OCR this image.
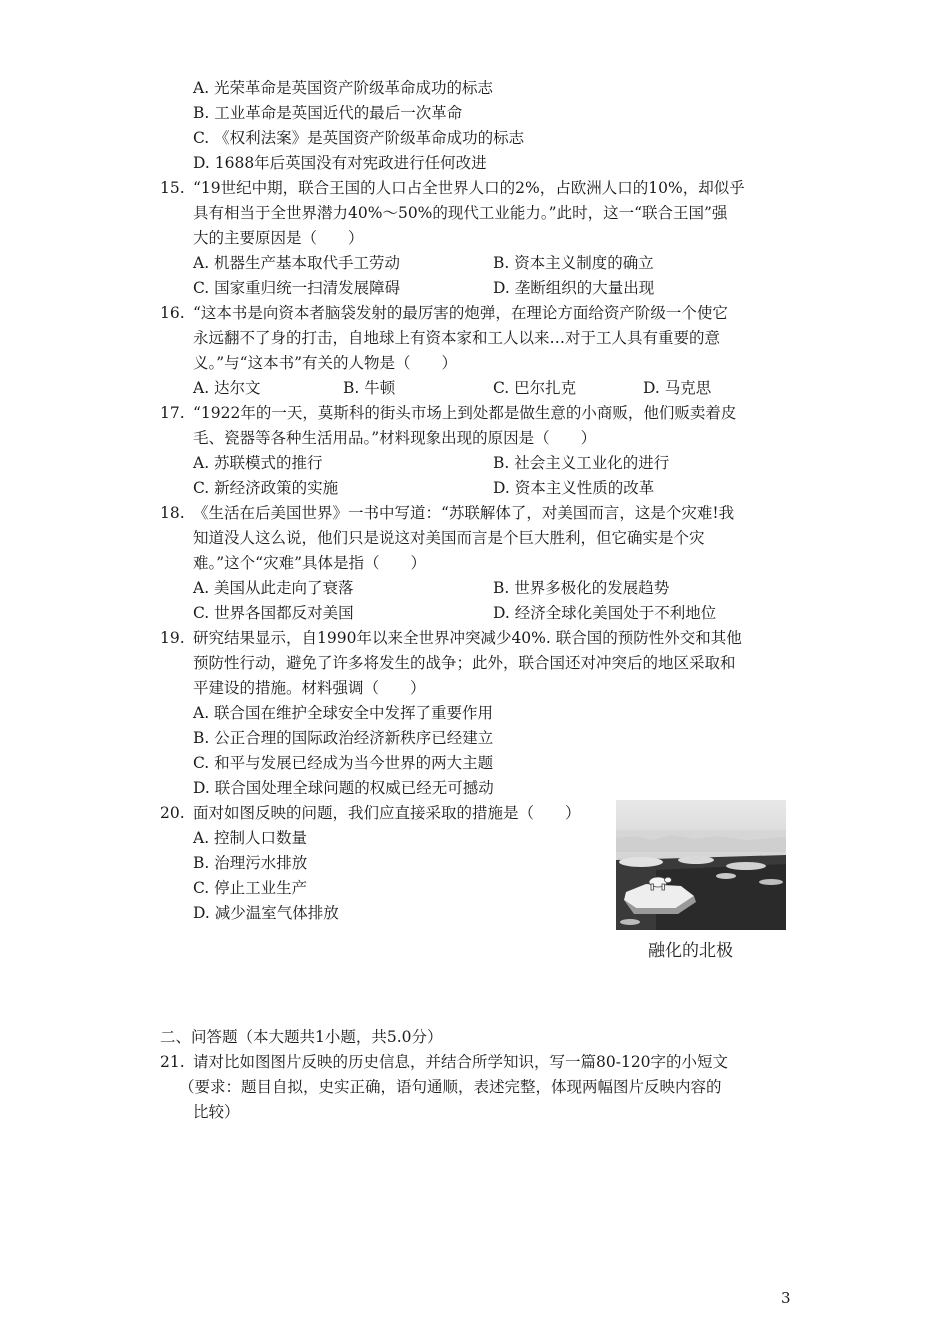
A. 光荣革命是英国资产阶级革命成功的标志
B. 工业革命是英国近代的最后一次革命
C. 《权利法案》是英国资产阶级革命成功的标志
D. 1688年后英国没有对宪政进行任何改进
15. “19世纪中期，联合王国的人口占全世界人口的2%，占欧洲人口的10%，却似乎
具有相当于全世界潜力40%～50%的现代工业能力。”此时，这一“联合王国”强
大的主要原因是（　　）
A. 机器生产基本取代手工劳动	B. 资本主义制度的确立
C. 国家重归统一扫清发展障碍	D. 垄断组织的大量出现
16. “这本书是向资本者脑袋发射的最厉害的炮弹，在理论方面给资产阶级一个使它
永远翻不了身的打击，自地球上有资本家和工人以来…对于工人具有重要的意
义。”与“这本书”有关的人物是（　　）
A. 达尔文	B. 牛顿	C. 巴尔扎克	D. 马克思
17. “1922年的一天，莫斯科的街头市场上到处都是做生意的小商贩，他们贩卖着皮
毛、瓷器等各种生活用品。”材料现象出现的原因是（　　）
A. 苏联模式的推行	B. 社会主义工业化的进行
C. 新经济政策的实施	D. 资本主义性质的改革
18. 《生活在后美国世界》一书中写道：“苏联解体了，对美国而言，这是个灾难!我
知道没人这么说，他们只是说这对美国而言是个巨大胜利，但它确实是个灾
难。”这个“灾难”具体是指（　　）
A. 美国从此走向了衰落	B. 世界多极化的发展趋势
C. 世界各国都反对美国	D. 经济全球化美国处于不利地位
19. 研究结果显示，自1990年以来全世界冲突减少40%. 联合国的预防性外交和其他
预防性行动，避免了许多将发生的战争；此外，联合国还对冲突后的地区采取和
平建设的措施。材料强调（　　）
A. 联合国在维护全球安全中发挥了重要作用
B. 公正合理的国际政治经济新秩序已经建立
C. 和平与发展已经成为当今世界的两大主题
D. 联合国处理全球问题的权威已经无可撼动
20. 面对如图反映的问题，我们应直接采取的措施是（　　）
A. 控制人口数量
B. 治理污水排放
C. 停止工业生产
D. 减少温室气体排放
融化的北极
二、问答题（本大题共1小题，共5.0分）
21. 请对比如图图片反映的历史信息，并结合所学知识，写一篇80-120字的小短文
（要求：题目自拟，史实正确，语句通顺，表述完整，体现两幅图片反映内容的
比较）
3
